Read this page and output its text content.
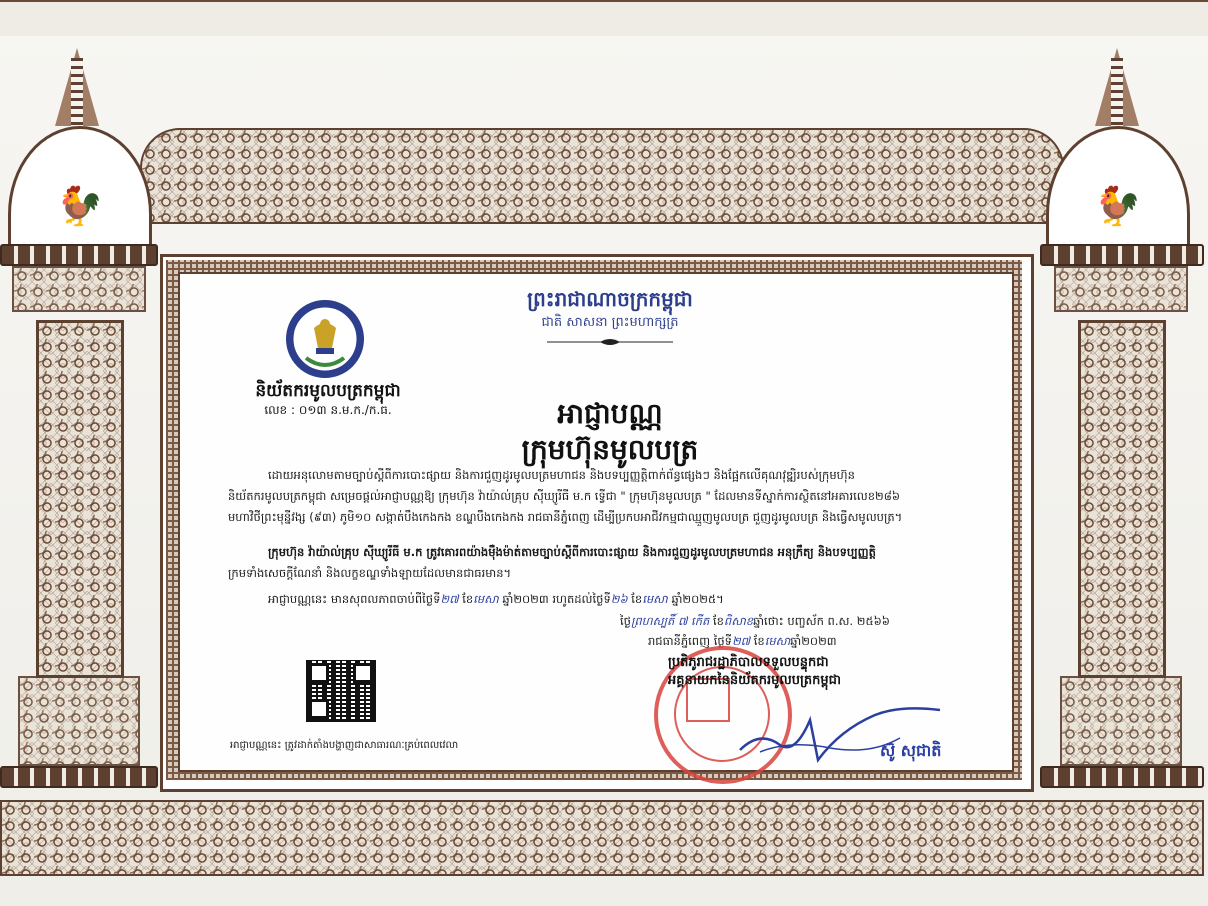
🐓	🐓
ព្រះរាជាណាចក្រកម្ពុជា
ជាតិ សាសនា ព្រះមហាក្សត្រ
និយ័តករមូលបត្រកម្ពុជា
លេខ : ០១៣ ន.ម.ក./ក.ធ.	អាជ្ញាបណ្ណ
ក្រុមហ៊ុនមូលបត្រ
ដោយអនុលោមតាមច្បាប់ស្តីពីការបោះផ្សាយ និងការជួញដូរមូលបត្រមហាជន និងបទប្បញ្ញត្តិពាក់ព័ន្ធផ្សេងៗ និងផ្អែកលើគុណវុឌ្ឍិរបស់ក្រុមហ៊ុន
និយ័តករមូលបត្រកម្ពុជា សម្រេចផ្តល់អាជ្ញាបណ្ណឱ្យ ក្រុមហ៊ុន វ៉ាយ៉ាល់គ្រុប ស៊ីឃ្យូរីធី ម.ក ទ្វើជា " ក្រុមហ៊ុនមូលបត្រ " ដែលមានទីស្នាក់ការស្ថិតនៅអគារលេខ២៨៦
មហាវិថីព្រះមុន្នីវង្ស (៩៣) ភូមិ១០ សង្កាត់បឹងកេងកង ខណ្ឌបឹងកេងកង រាជធានីភ្នំពេញ ដើម្បីប្រកបអាជីវកម្មជាឈ្មួញមូលបត្រ ជួញដូរមូលបត្រ និងធ្វើសមូលបត្រ។
ក្រុមហ៊ុន វ៉ាយ៉ាល់គ្រុប ស៊ីឃ្យូរីធី ម.ក ត្រូវគោរពយ៉ាងម៉ឺងម៉ាត់តាមច្បាប់ស្តីពីការបោះផ្សាយ និងការជួញដូរមូលបត្រមហាជន អនុក្រឹត្យ និងបទប្បញ្ញត្តិ
ក្រមទាំងសេចក្តីណែនាំ និងលក្ខខណ្ឌទាំងឡាយដែលមានជាធរមាន។
អាជ្ញាបណ្ណនេះ មានសុពលភាពចាប់ពីថ្ងៃទី២៧ ខែមេសា ឆ្នាំ២០២៣ រហូតដល់ថ្ងៃទី២៦ ខែមេសា ឆ្នាំ២០២៥។
ថ្ងៃព្រហស្បតិ៍ ៧ កើត ខែពិសាខឆ្នាំថោះ បញ្ចស័ក ព.ស. ២៥៦៦
រាជធានីភ្នំពេញ ថ្ងៃទី២៧ ខែមេសាឆ្នាំ២០២៣
ប្រតិភូរាជរដ្ឋាភិបាលទទួលបន្ទុកជា
អគ្គនាយកនៃនិយ័តករមូលបត្រកម្ពុជា
ស៊ូ សុជាតិ
អាជ្ញាបណ្ណនេះ ត្រូវដាក់តាំងបង្ហាញជាសាធារណៈគ្រប់ពេលវេលា
